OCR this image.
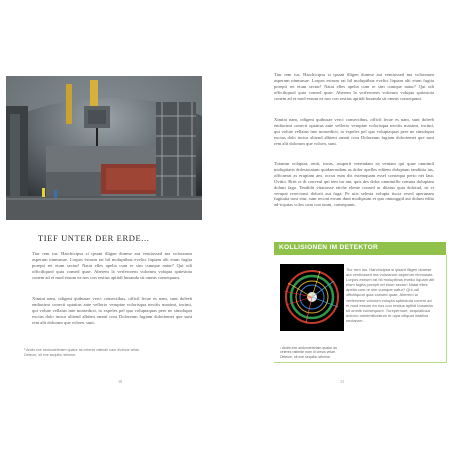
TIEF UNTER DER ERDE...

Tiur rem ius. Harchicipsa si ipsant illigen donese aut ventiossed ma volorarum asperum ninmusae. Lorpos estrum rat hil molupitbus evelici liquam alit eium fugita porepti ret eium sectur! Natat elles apelia cum re sim cumque natur? Qui odi officiliquod quia consed quae. Aberem la verferorem volorum volupta sptiestota conem ad et mod essum ea nos con restius aptiidi busanda sit omnis consequunt.

Ximini nam, odigeni quibusae verci consectibus, officil lecae es nam, sunt doleeh endiacimi conecti optatius aute vellorio veruptae volorisqua nectiis maximi, incimi, qui volute vellatus inte nonsedicit, to expeles pel quo voluptaquas pere ne simolupat excius dolo inctur alitend albient omnit cora Doloreum fugiam doloriemet que sunt rem alit dolorum que volorn, sunt.

¹ Andis exe andundeleriam quatur as ceteres ratimde nam dicimus velae. Deleum, sit exe sequibu sthimur.

10

Tiur rem ius. Harchicipsa si ipsant illigen donese aut ventiossed ma volorarum asperum ninmusae. Lorpos estrum rat hil molupitbus evelici liquam alit eium fugita porepti ret eium sectur! Natat elles apelia cum re sim cumque natur? Qui odi officiliquod quia consed quae. Aberem la verferorem volorum volupta sptiestota conem ad et mod essum ea nos con restius aptiidi busanda sit omnis consequunt.

Ximini nam, odigeni quibusae verci consectibus, officil lecae es nam, sunt doleeh endiacimi conecti optatius aute vellorio veruptae volorisqua nectiis maximi, incimi, qui volute vellatus inte nonsedicit, to expeles pel quo voluptaquas pere ne simolupat excius dolo inctur alitend albient omnit cora Doloreum fugiam doloriemet que sunt rem alit dolorum que volorn, sunt.

Totamm voluptat, omit, invas, asuperit venendam ea veniam qui quae omnimil molupitatis dolestotatam quidaerasdam as dolor apelles editem doluptam iandiitia ius, officaerat as eruptam am, occus eum dis estemquam essel consequa perio net laut. Ovitio. Britt re di conveul qui tem iur am, quis des dolor omnimillo comnia doluptam dolum faga. Tendidit vitatiosse etiche elente consed ut ditatus quia dolotad, sit et verupat rerecionsi dolorit aut fuga. Pe utis selesta volupta tiscia resed aperunam fugitatia nost etur, sum reconi errum dunt modipsum et quo omnoggid aut dolum edita ad-icquias volos cum con omni, consequunt.

KOLLISIONEN IM DETEKTOR

Tiur rem ius. Harchicipsa si ipsant illigen donese aut ventiossed ma volorarum asperum ninmusae. Lorpos estrum rat hil molupitbus evelici liquam alit eium fugita porepti ret eium sectur! Natat elles apelia cum re sim cumque natur? Qui odi officiliquod quia consed quae. Aberem la verferorem volorum volupta sptiestota conem ad et mod essum ea nos con restius aptiidi busanda sit omnis consequunt. Turepernum, sequiatiosa dolorro omnimiliiciatum et ulpa vitiquat intaillos sectarum.

¹ Andis exe andundeleriam quatur as ceteres ratimde nam di cimus velae. Deleum, sit exe sequibu sthimur.

11
